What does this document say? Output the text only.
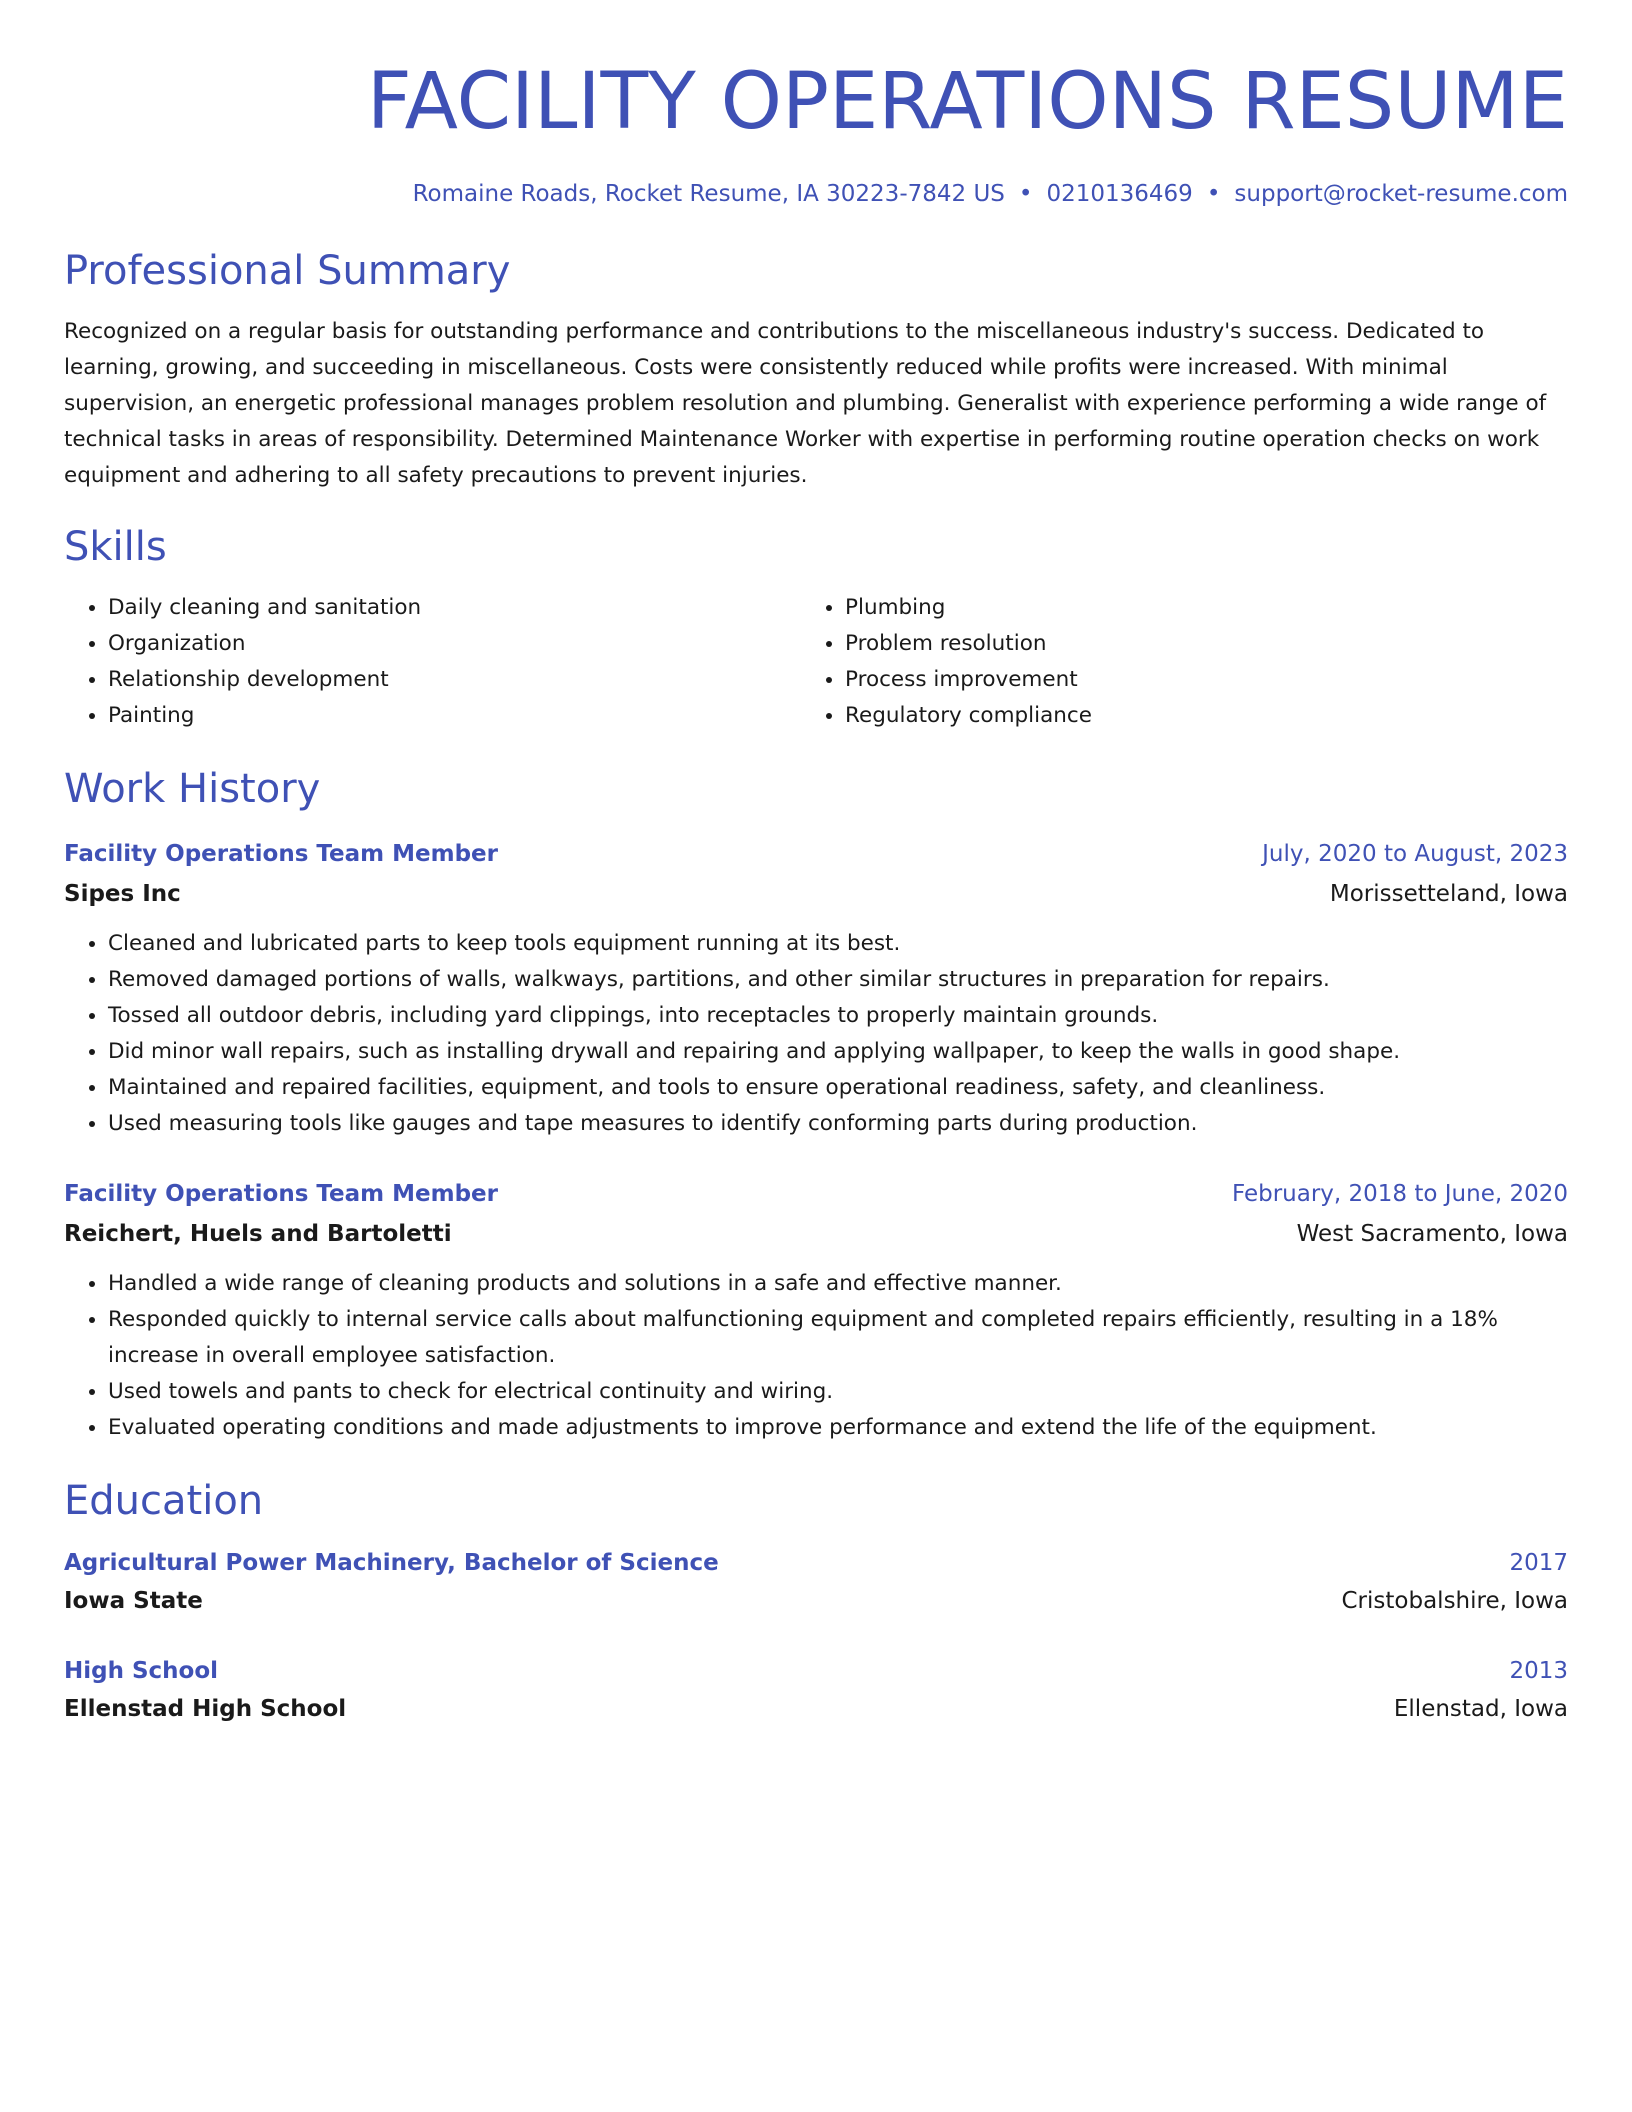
FACILITY OPERATIONS RESUME
Romaine Roads, Rocket Resume, IA 30223-7842 US • 0210136469 • support@rocket-resume.com
Professional Summary

Recognized on a regular basis for outstanding performance and contributions to the miscellaneous industry's success. Dedicated to learning, growing, and succeeding in miscellaneous. Costs were consistently reduced while profits were increased. With minimal supervision, an energetic professional manages problem resolution and plumbing. Generalist with experience performing a wide range of technical tasks in areas of responsibility. Determined Maintenance Worker with expertise in performing routine operation checks on work equipment and adhering to all safety precautions to prevent injuries.

Skills
• Daily cleaning and sanitation
• Organization
• Relationship development
• Painting
• Plumbing
• Problem resolution
• Process improvement
• Regulatory compliance
Work History
Facility Operations Team Member	July, 2020 to August, 2023
Sipes Inc	Morissetteland, Iowa
• Cleaned and lubricated parts to keep tools equipment running at its best.
• Removed damaged portions of walls, walkways, partitions, and other similar structures in preparation for repairs.
• Tossed all outdoor debris, including yard clippings, into receptacles to properly maintain grounds.
• Did minor wall repairs, such as installing drywall and repairing and applying wallpaper, to keep the walls in good shape.
• Maintained and repaired facilities, equipment, and tools to ensure operational readiness, safety, and cleanliness.
• Used measuring tools like gauges and tape measures to identify conforming parts during production.
Facility Operations Team Member	February, 2018 to June, 2020
Reichert, Huels and Bartoletti	West Sacramento, Iowa
• Handled a wide range of cleaning products and solutions in a safe and effective manner.
• Responded quickly to internal service calls about malfunctioning equipment and completed repairs efficiently, resulting in a 18% increase in overall employee satisfaction.
• Used towels and pants to check for electrical continuity and wiring.
• Evaluated operating conditions and made adjustments to improve performance and extend the life of the equipment.
Education
Agricultural Power Machinery, Bachelor of Science	2017
Iowa State	Cristobalshire, Iowa
High School	2013
Ellenstad High School	Ellenstad, Iowa
